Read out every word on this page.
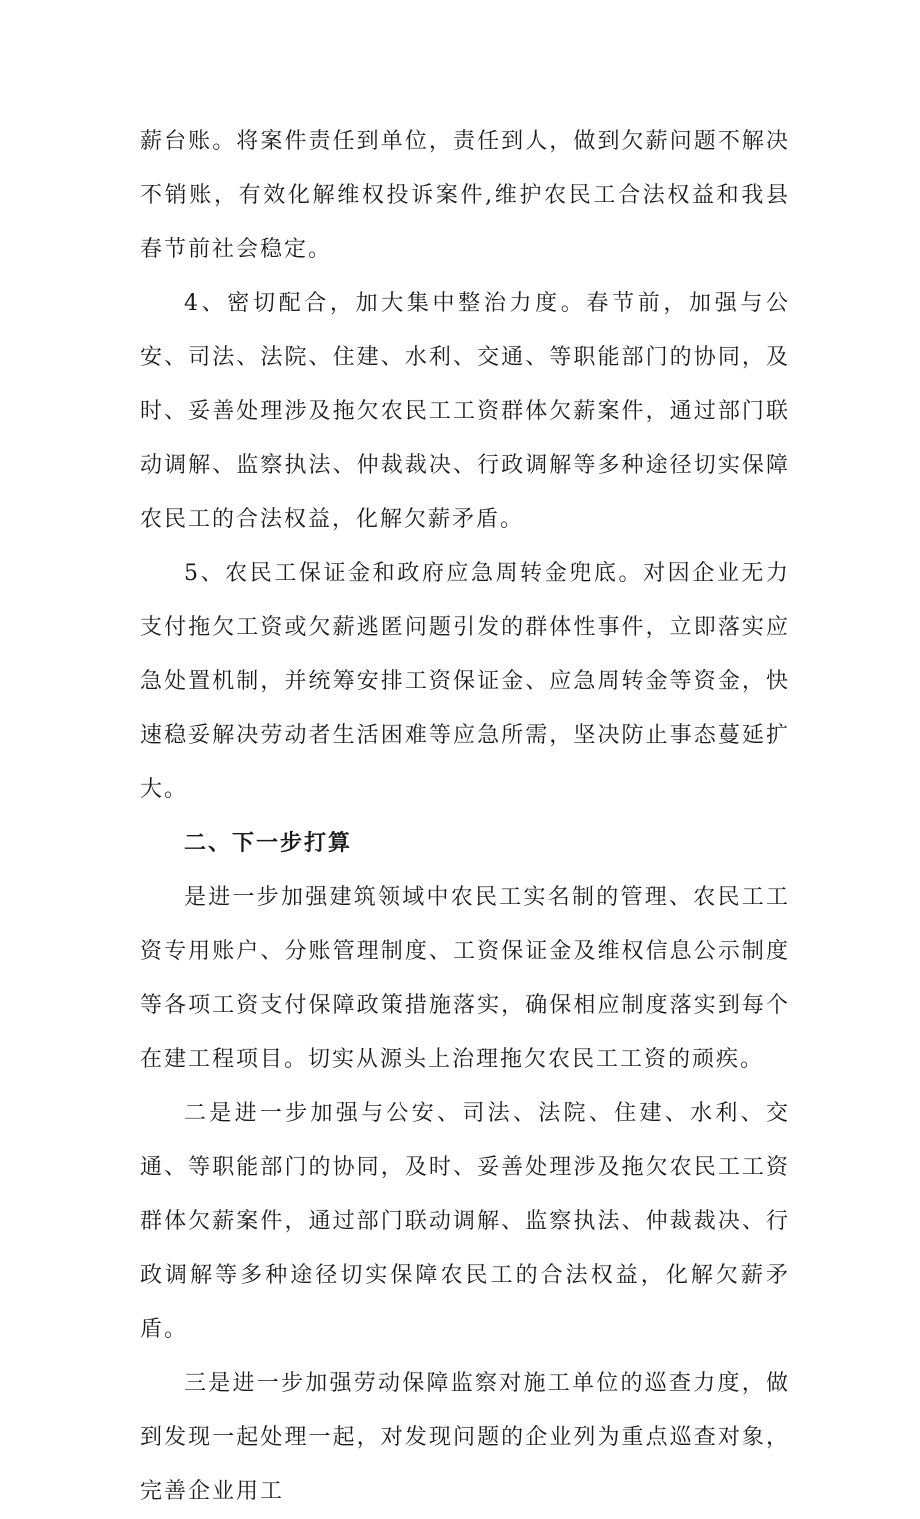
薪台账。将案件责任到单位，责任到人，做到欠薪问题不解决不销账，有效化解维权投诉案件,维护农民工合法权益和我县春节前社会稳定。

4、密切配合，加大集中整治力度。春节前，加强与公安、司法、法院、住建、水利、交通、等职能部门的协同，及时、妥善处理涉及拖欠农民工工资群体欠薪案件，通过部门联动调解、监察执法、仲裁裁决、行政调解等多种途径切实保障农民工的合法权益，化解欠薪矛盾。

5、农民工保证金和政府应急周转金兜底。对因企业无力支付拖欠工资或欠薪逃匿问题引发的群体性事件，立即落实应急处置机制，并统筹安排工资保证金、应急周转金等资金，快速稳妥解决劳动者生活困难等应急所需，坚决防止事态蔓延扩大。

二、下一步打算

是进一步加强建筑领域中农民工实名制的管理、农民工工资专用账户、分账管理制度、工资保证金及维权信息公示制度等各项工资支付保障政策措施落实，确保相应制度落实到每个在建工程项目。切实从源头上治理拖欠农民工工资的顽疾。

二是进一步加强与公安、司法、法院、住建、水利、交通、等职能部门的协同，及时、妥善处理涉及拖欠农民工工资群体欠薪案件，通过部门联动调解、监察执法、仲裁裁决、行政调解等多种途径切实保障农民工的合法权益，化解欠薪矛盾。

三是进一步加强劳动保障监察对施工单位的巡查力度，做到发现一起处理一起，对发现问题的企业列为重点巡查对象，完善企业用工
